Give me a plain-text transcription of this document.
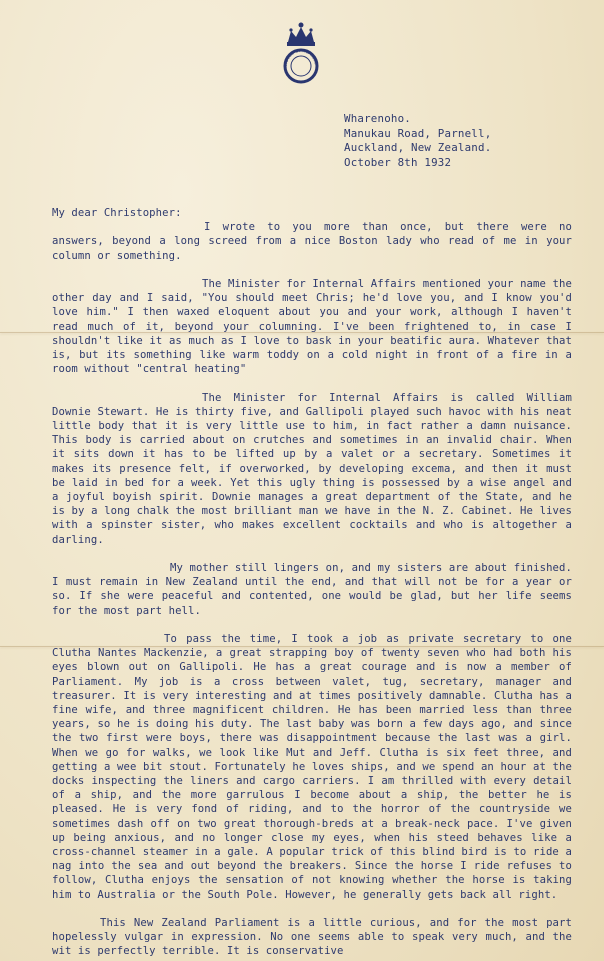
HOUSE OF REPRESE
Wharenoho.
Manukau Road, Parnell,
Auckland, New Zealand.
October 8th 1932

My dear Christopher:

I wrote to you more than once, but there were no answers, beyond a long screed from a nice Boston lady who read of me in your column or something.

The Minister for Internal Affairs mentioned your name the other day and I said, "You should meet Chris; he'd love you, and I know you'd love him." I then waxed eloquent about you and your work, although I haven't read much of it, beyond your columning. I've been frightened to, in case I shouldn't like it as much as I love to bask in your beatific aura. Whatever that is, but its something like warm toddy on a cold night in front of a fire in a room without "central heating"

The Minister for Internal Affairs is called William Downie Stewart. He is thirty five, and Gallipoli played such havoc with his neat little body that it is very little use to him, in fact rather a damn nuisance. This body is carried about on crutches and sometimes in an invalid chair. When it sits down it has to be lifted up by a valet or a secretary. Sometimes it makes its presence felt, if overworked, by developing excema, and then it must be laid in bed for a week. Yet this ugly thing is possessed by a wise angel and a joyful boyish spirit. Downie manages a great department of the State, and he is by a long chalk the most brilliant man we have in the N. Z. Cabinet. He lives with a spinster sister, who makes excellent cocktails and who is altogether a darling.

My mother still lingers on, and my sisters are about finished. I must remain in New Zealand until the end, and that will not be for a year or so. If she were peaceful and contented, one would be glad, but her life seems for the most part hell.

To pass the time, I took a job as private secretary to one Clutha Nantes Mackenzie, a great strapping boy of twenty seven who had both his eyes blown out on Gallipoli. He has a great courage and is now a member of Parliament. My job is a cross between valet, tug, secretary, manager and treasurer. It is very interesting and at times positively damnable. Clutha has a fine wife, and three magnificent children. He has been married less than three years, so he is doing his duty. The last baby was born a few days ago, and since the two first were boys, there was disappointment because the last was a girl. When we go for walks, we look like Mut and Jeff. Clutha is six feet three, and getting a wee bit stout. Fortunately he loves ships, and we spend an hour at the docks inspecting the liners and cargo carriers. I am thrilled with every detail of a ship, and the more garrulous I become about a ship, the better he is pleased. He is very fond of riding, and to the horror of the countryside we sometimes dash off on two great thorough-breds at a break-neck pace. I've given up being anxious, and no longer close my eyes, when his steed behaves like a cross-channel steamer in a gale. A popular trick of this blind bird is to ride a nag into the sea and out beyond the breakers. Since the horse I ride refuses to follow, Clutha enjoys the sensation of not knowing whether the horse is taking him to Australia or the South Pole. However, he generally gets back all right.

This New Zealand Parliament is a little curious, and for the most part hopelessly vulgar in expression. No one seems able to speak very much, and the wit is perfectly terrible. It is conservative
